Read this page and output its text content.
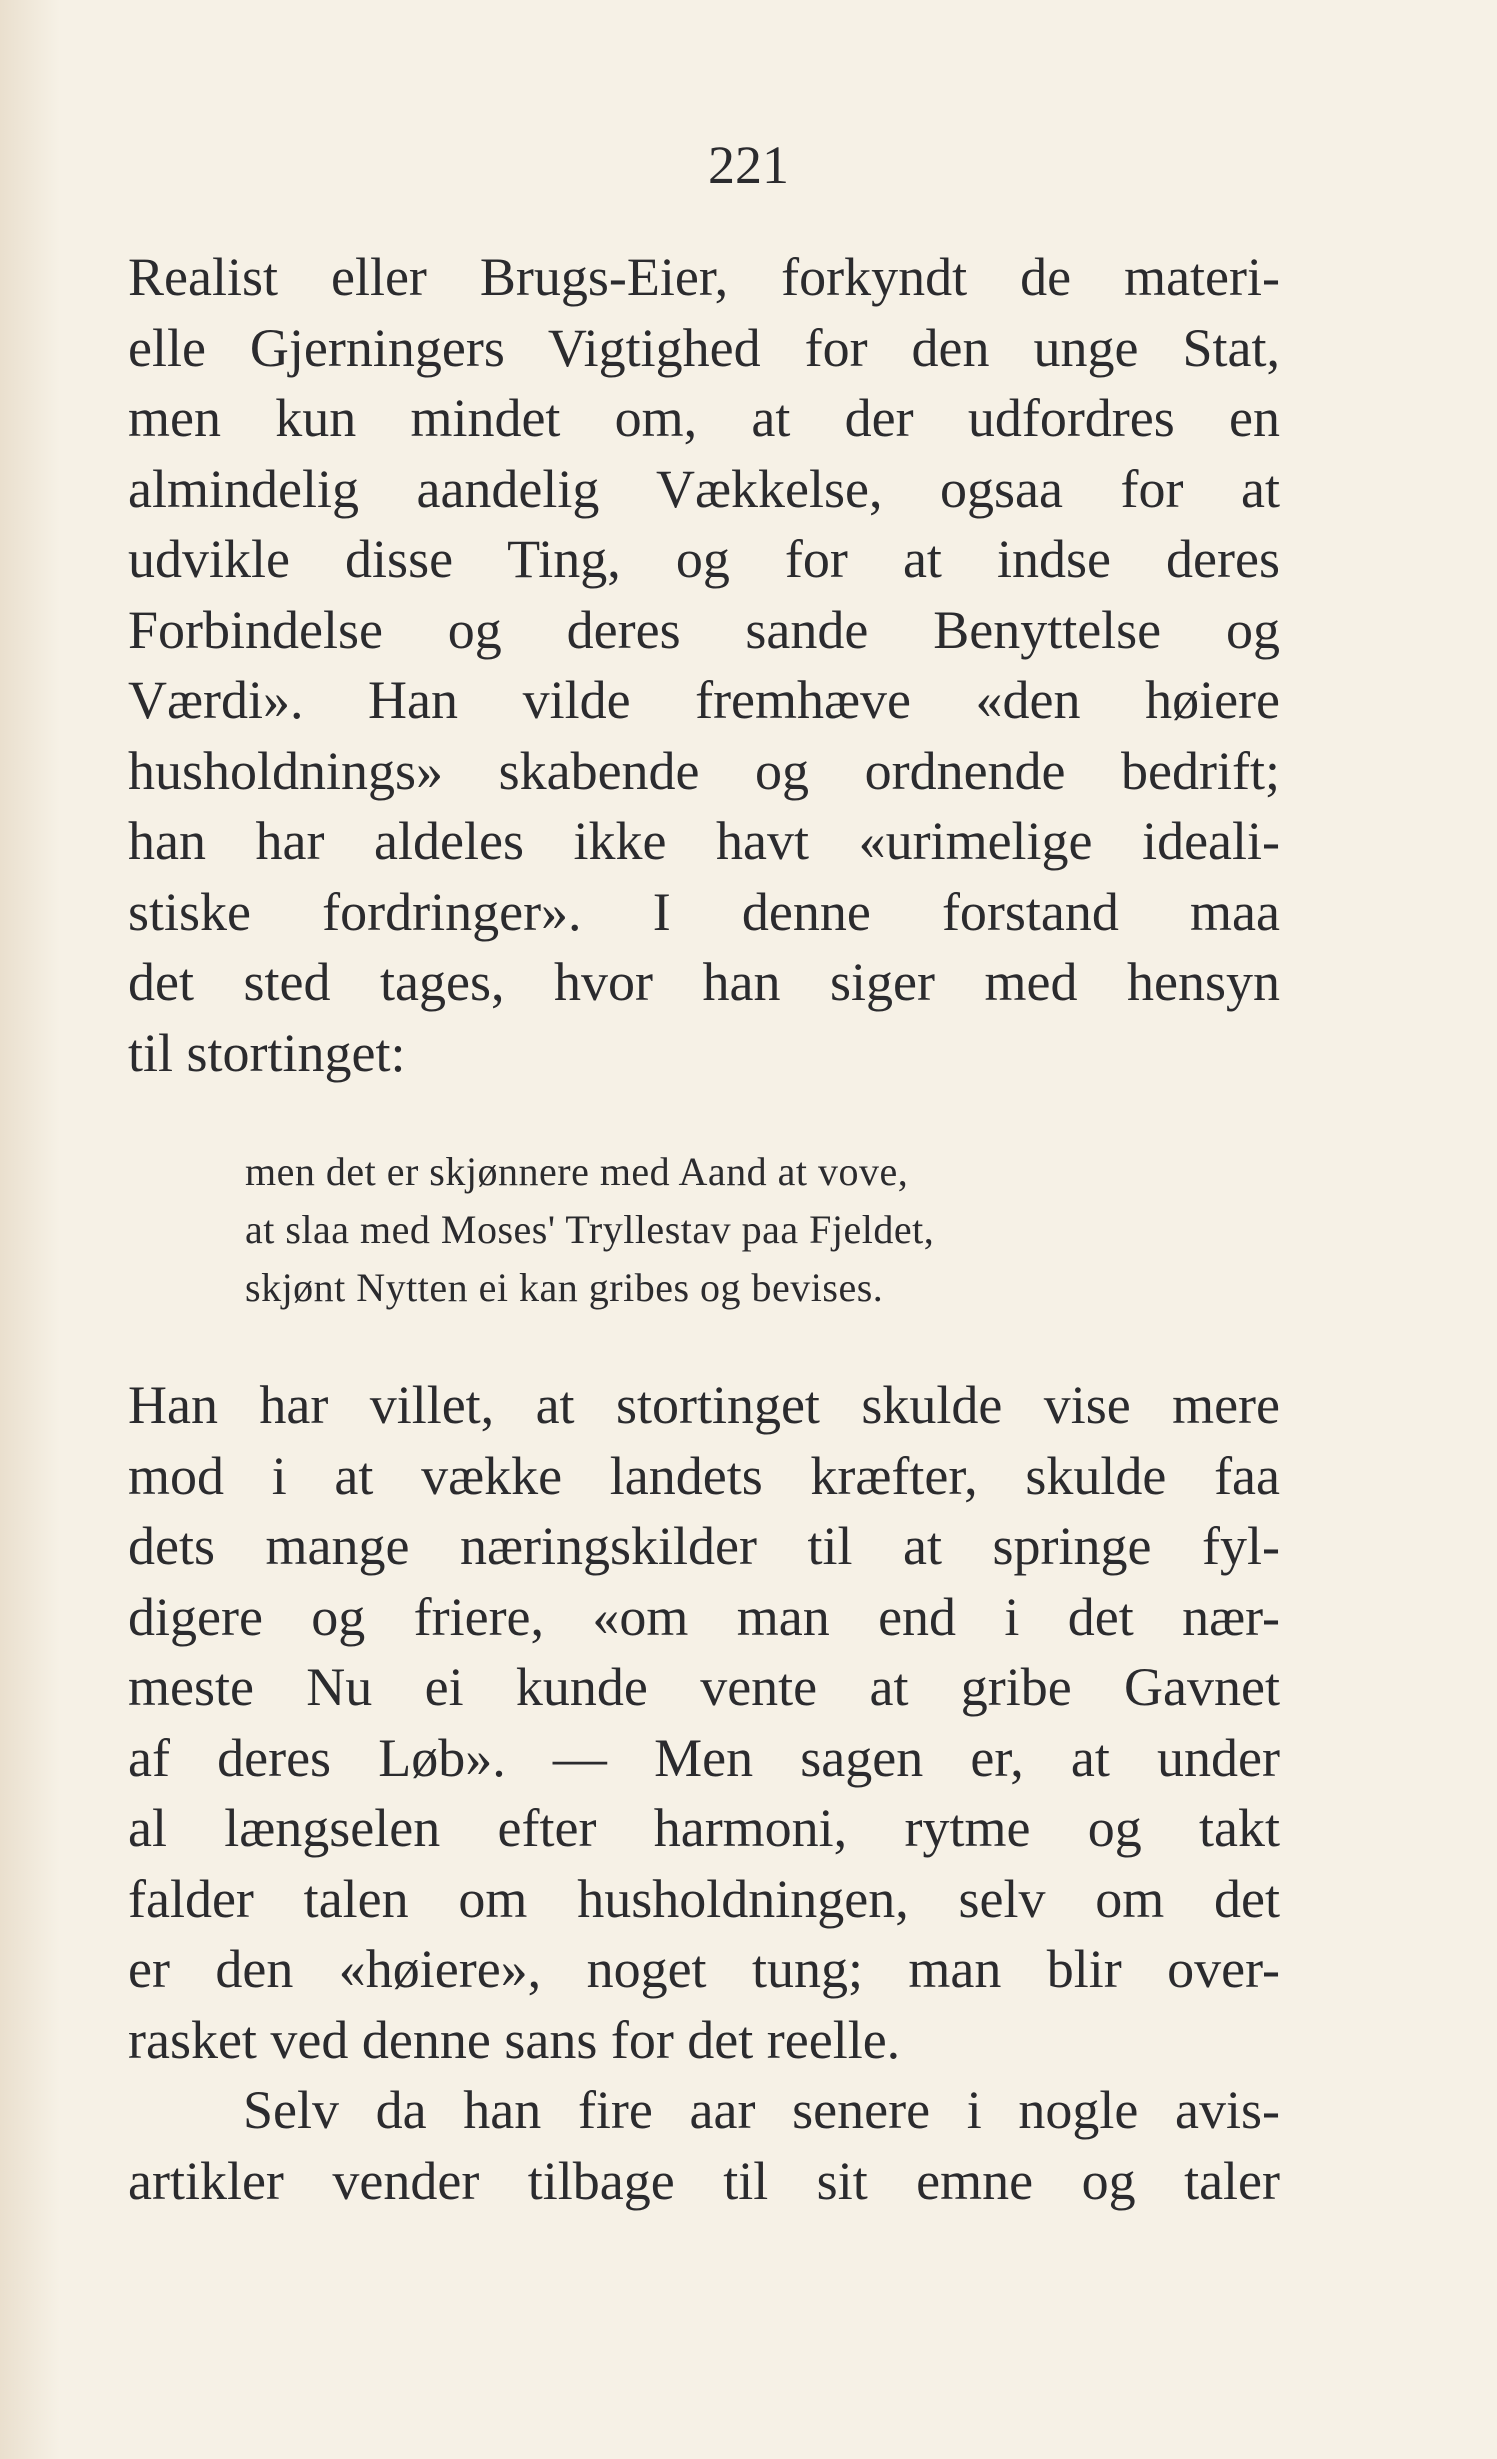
221
Realist eller Brugs-Eier, forkyndt de materi-
elle Gjerningers Vigtighed for den unge Stat,
men kun mindet om, at der udfordres en
almindelig aandelig Vækkelse, ogsaa for at
udvikle disse Ting, og for at indse deres
Forbindelse og deres sande Benyttelse og
Værdi». Han vilde fremhæve «den høiere
husholdnings» skabende og ordnende bedrift;
han har aldeles ikke havt «urimelige ideali-
stiske fordringer». I denne forstand maa
det sted tages, hvor han siger med hensyn
til stortinget:
men det er skjønnere med Aand at vove,
at slaa med Moses' Tryllestav paa Fjeldet,
skjønt Nytten ei kan gribes og bevises.
Han har villet, at stortinget skulde vise mere
mod i at vække landets kræfter, skulde faa
dets mange næringskilder til at springe fyl-
digere og friere, «om man end i det nær-
meste Nu ei kunde vente at gribe Gavnet
af deres Løb». — Men sagen er, at under
al længselen efter harmoni, rytme og takt
falder talen om husholdningen, selv om det
er den «høiere», noget tung; man blir over-
rasket ved denne sans for det reelle.
Selv da han fire aar senere i nogle avis-
artikler vender tilbage til sit emne og taler
